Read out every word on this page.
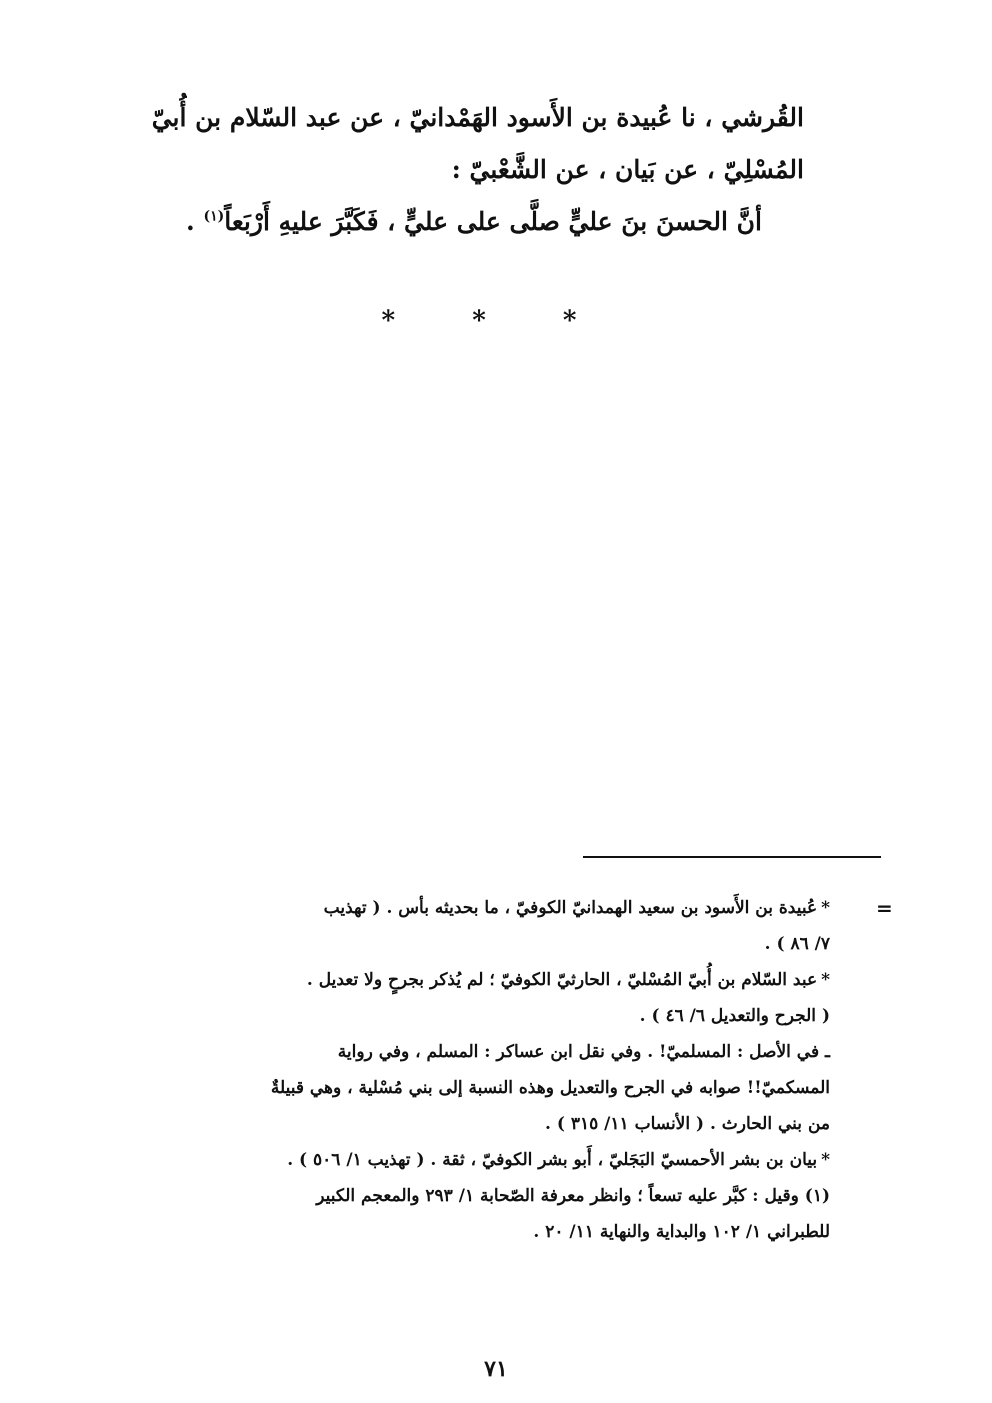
القُرشي ، نا عُبيدة بن الأَسود الهَمْدانيّ ، عن عبد السّلام بن أُبيّ
المُسْلِيّ ، عن بَيان ، عن الشَّعْبيّ :
أنَّ الحسنَ بنَ عليٍّ صلَّى على عليٍّ ، فَكَبَّرَ عليهِ أَرْبَعاً$^{(١)}$ .
* * *
=

*عُبيدة بن الأَسود بن سعيد الهمدانيّ الكوفيّ ، ما بحديثه بأس . ( تهذيب

٧/ ٨٦ ) .

*عبد السّلام بن أُبيّ المُسْليّ ، الحارثيّ الكوفيّ ؛ لم يُذكر بجرحٍ ولا تعديل .

( الجرح والتعديل ٦/ ٤٦ ) .

ـ في الأصل : المسلميّ! . وفي نقل ابن عساكر : المسلم ، وفي رواية

المسكميّ!! صوابه في الجرح والتعديل وهذه النسبة إلى بني مُسْلية ، وهي قبيلةٌ

من بني الحارث . ( الأنساب ١١/ ٣١٥ ) .

*بيان بن بشر الأحمسيّ البَجَليّ ، أَبو بشر الكوفيّ ، ثقة . ( تهذيب ١/ ٥٠٦ ) .

(١) وقيل : كبَّر عليه تسعاً ؛ وانظر معرفة الصّحابة ١/ ٢٩٣ والمعجم الكبير

للطبراني ١/ ١٠٢ والبداية والنهاية ١١/ ٢٠ .

٧١
